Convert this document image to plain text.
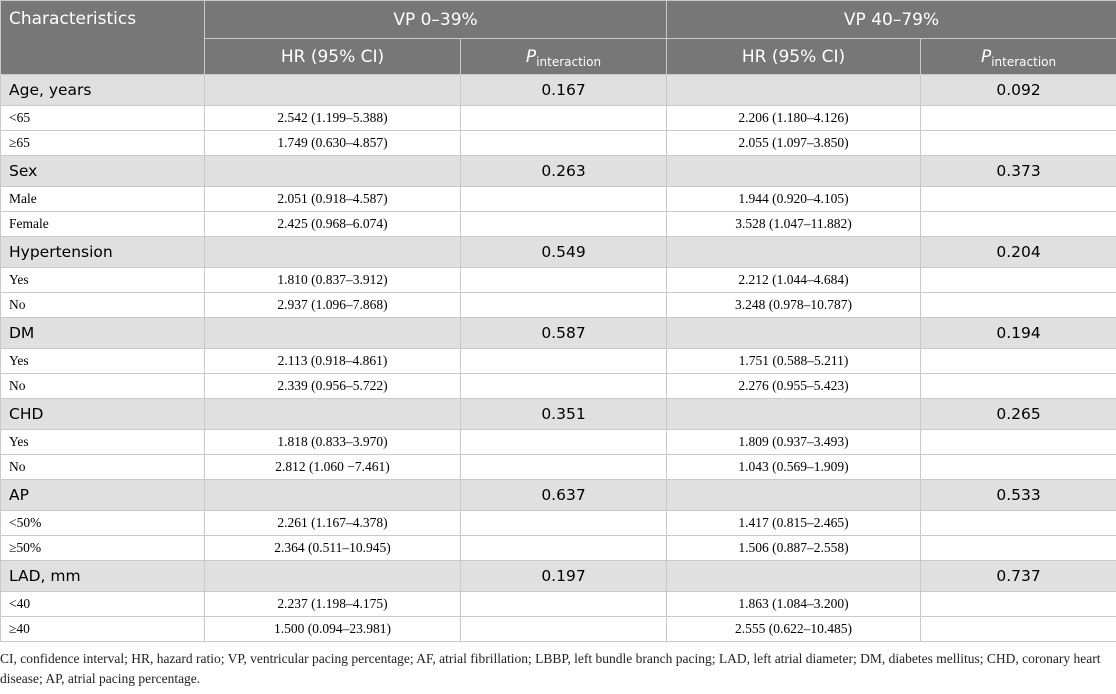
Characteristics	VP 0–39%		VP 40–79%	
	HR (95% CI)	$P_{interaction}$	HR (95% CI)	$P_{interaction}$
Age, years		0.167		0.092
<65	2.542 (1.199–5.388)		2.206 (1.180–4.126)	
≥65	1.749 (0.630–4.857)		2.055 (1.097–3.850)	
Sex		0.263		0.373
Male	2.051 (0.918–4.587)		1.944 (0.920–4.105)	
Female	2.425 (0.968–6.074)		3.528 (1.047–11.882)	
Hypertension		0.549		0.204
Yes	1.810 (0.837–3.912)		2.212 (1.044–4.684)	
No	2.937 (1.096–7.868)		3.248 (0.978–10.787)	
DM		0.587		0.194
Yes	2.113 (0.918–4.861)		1.751 (0.588–5.211)	
No	2.339 (0.956–5.722)		2.276 (0.955–5.423)	
CHD		0.351		0.265
Yes	1.818 (0.833–3.970)		1.809 (0.937–3.493)	
No	2.812 (1.060 −7.461)		1.043 (0.569–1.909)	
AP		0.637		0.533
<50%	2.261 (1.167–4.378)		1.417 (0.815–2.465)	
≥50%	2.364 (0.511–10.945)		1.506 (0.887–2.558)	
LAD, mm		0.197		0.737
<40	2.237 (1.198–4.175)		1.863 (1.084–3.200)	
≥40	1.500 (0.094–23.981)		2.555 (0.622–10.485)	
CI, confidence interval; HR, hazard ratio; VP, ventricular pacing percentage; AF, atrial fibrillation; LBBP, left bundle branch pacing; LAD, left atrial diameter; DM, diabetes mellitus; CHD, coronary heart disease; AP, atrial pacing percentage.
